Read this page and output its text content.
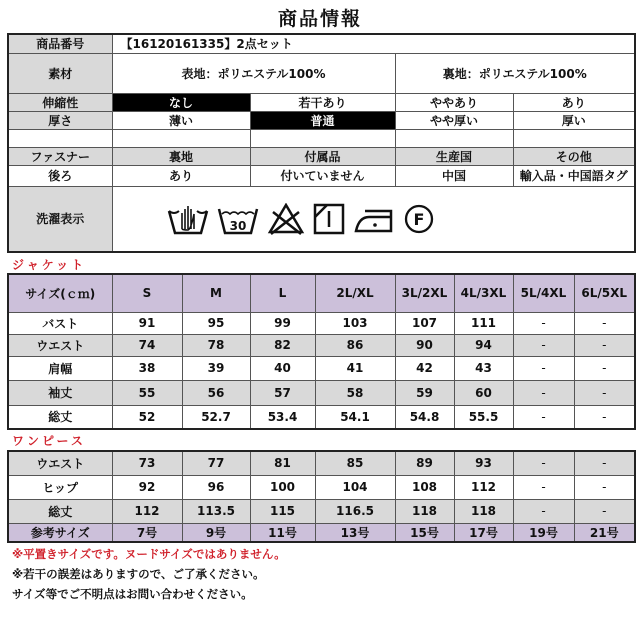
商品情報
商品番号	【16120161335】2点セット			
素材	表地：ポリエステル100%		裏地：ポリエステル100%	
伸縮性	なし	若干あり	ややあり	あり
厚さ	薄い	普通	やや厚い	厚い

ファスナー	裏地	付属品	生産国	その他
後ろ	あり	付いていません	中国	輸入品・中国語タグ
洗濯表示	30 F			
ジャケット
サイズ(ｃｍ)	S	M	L	2L/XL	3L/2XL	4L/3XL	5L/4XL	6L/5XL
バスト	91	95	99	103	107	111	-	-
ウエスト	74	78	82	86	90	94	-	-
肩幅	38	39	40	41	42	43	-	-
袖丈	55	56	57	58	59	60	-	-
総丈	52	52.7	53.4	54.1	54.8	55.5	-	-
ワンピース
ウエスト	73	77	81	85	89	93	-	-
ヒップ	92	96	100	104	108	112	-	-
総丈	112	113.5	115	116.5	118	118	-	-
参考サイズ	7号	9号	11号	13号	15号	17号	19号	21号
※平置きサイズです。ヌードサイズではありません。
※若干の誤差はありますので、ご了承ください。
サイズ等でご不明点はお問い合わせください。
